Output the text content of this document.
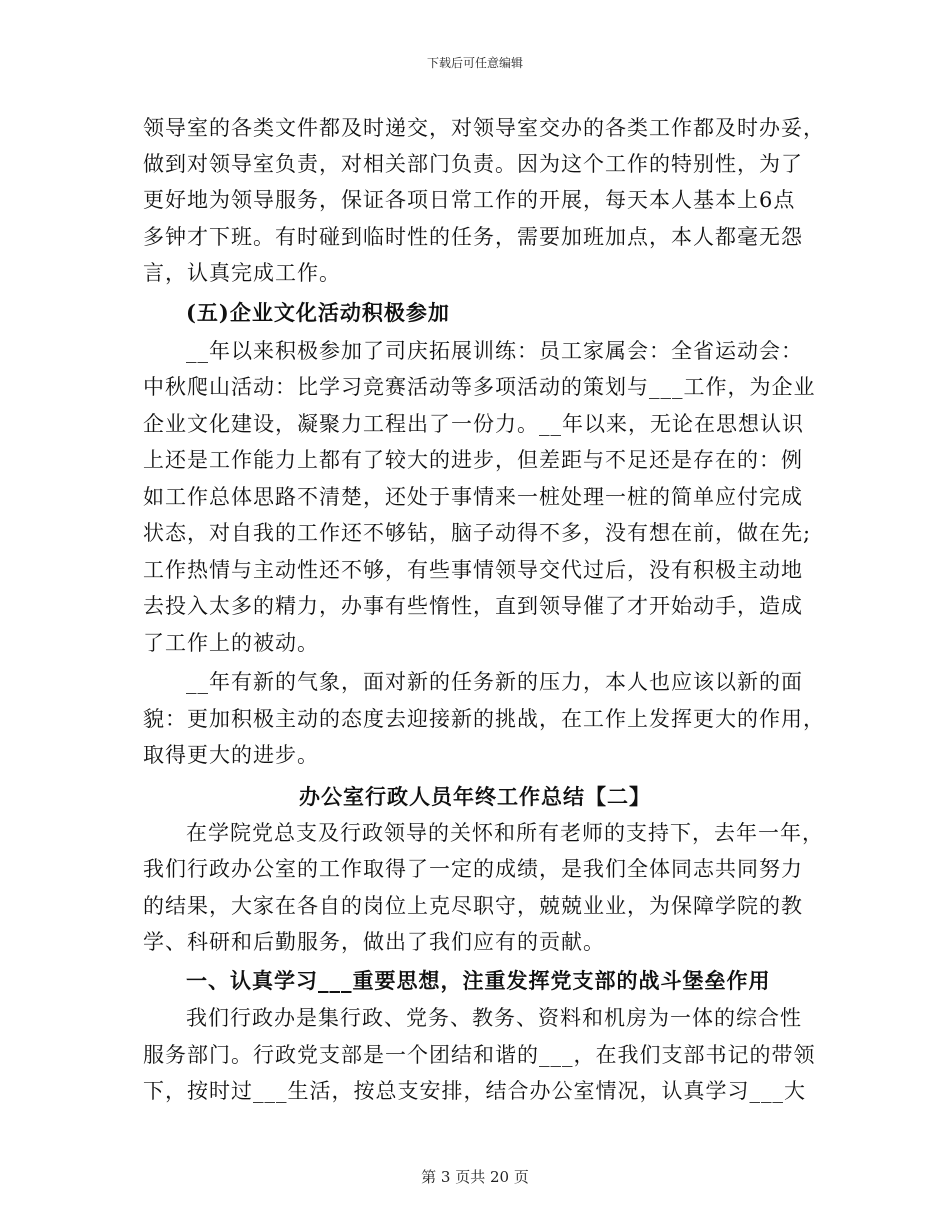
下载后可任意编辑
领导室的各类文件都及时递交，对领导室交办的各类工作都及时办妥，
做到对领导室负责，对相关部门负责。因为这个工作的特别性，为了
更好地为领导服务，保证各项日常工作的开展，每天本人基本上6点
多钟才下班。有时碰到临时性的任务，需要加班加点，本人都毫无怨
言，认真完成工作。
(五)企业文化活动积极参加
__年以来积极参加了司庆拓展训练：员工家属会：全省运动会：
中秋爬山活动：比学习竞赛活动等多项活动的策划与___工作，为企业
企业文化建设，凝聚力工程出了一份力。__年以来，无论在思想认识
上还是工作能力上都有了较大的进步，但差距与不足还是存在的：例
如工作总体思路不清楚，还处于事情来一桩处理一桩的简单应付完成
状态，对自我的工作还不够钻，脑子动得不多，没有想在前，做在先;
工作热情与主动性还不够，有些事情领导交代过后，没有积极主动地
去投入太多的精力，办事有些惰性，直到领导催了才开始动手，造成
了工作上的被动。
__年有新的气象，面对新的任务新的压力，本人也应该以新的面
貌：更加积极主动的态度去迎接新的挑战，在工作上发挥更大的作用，
取得更大的进步。
办公室行政人员年终工作总结【二】
在学院党总支及行政领导的关怀和所有老师的支持下，去年一年，
我们行政办公室的工作取得了一定的成绩，是我们全体同志共同努力
的结果，大家在各自的岗位上克尽职守，兢兢业业，为保障学院的教
学、科研和后勤服务，做出了我们应有的贡献。
一、认真学习___重要思想，注重发挥党支部的战斗堡垒作用
我们行政办是集行政、党务、教务、资料和机房为一体的综合性
服务部门。行政党支部是一个团结和谐的___，在我们支部书记的带领
下，按时过___生活，按总支安排，结合办公室情况，认真学习___大
第 3 页共 20 页
